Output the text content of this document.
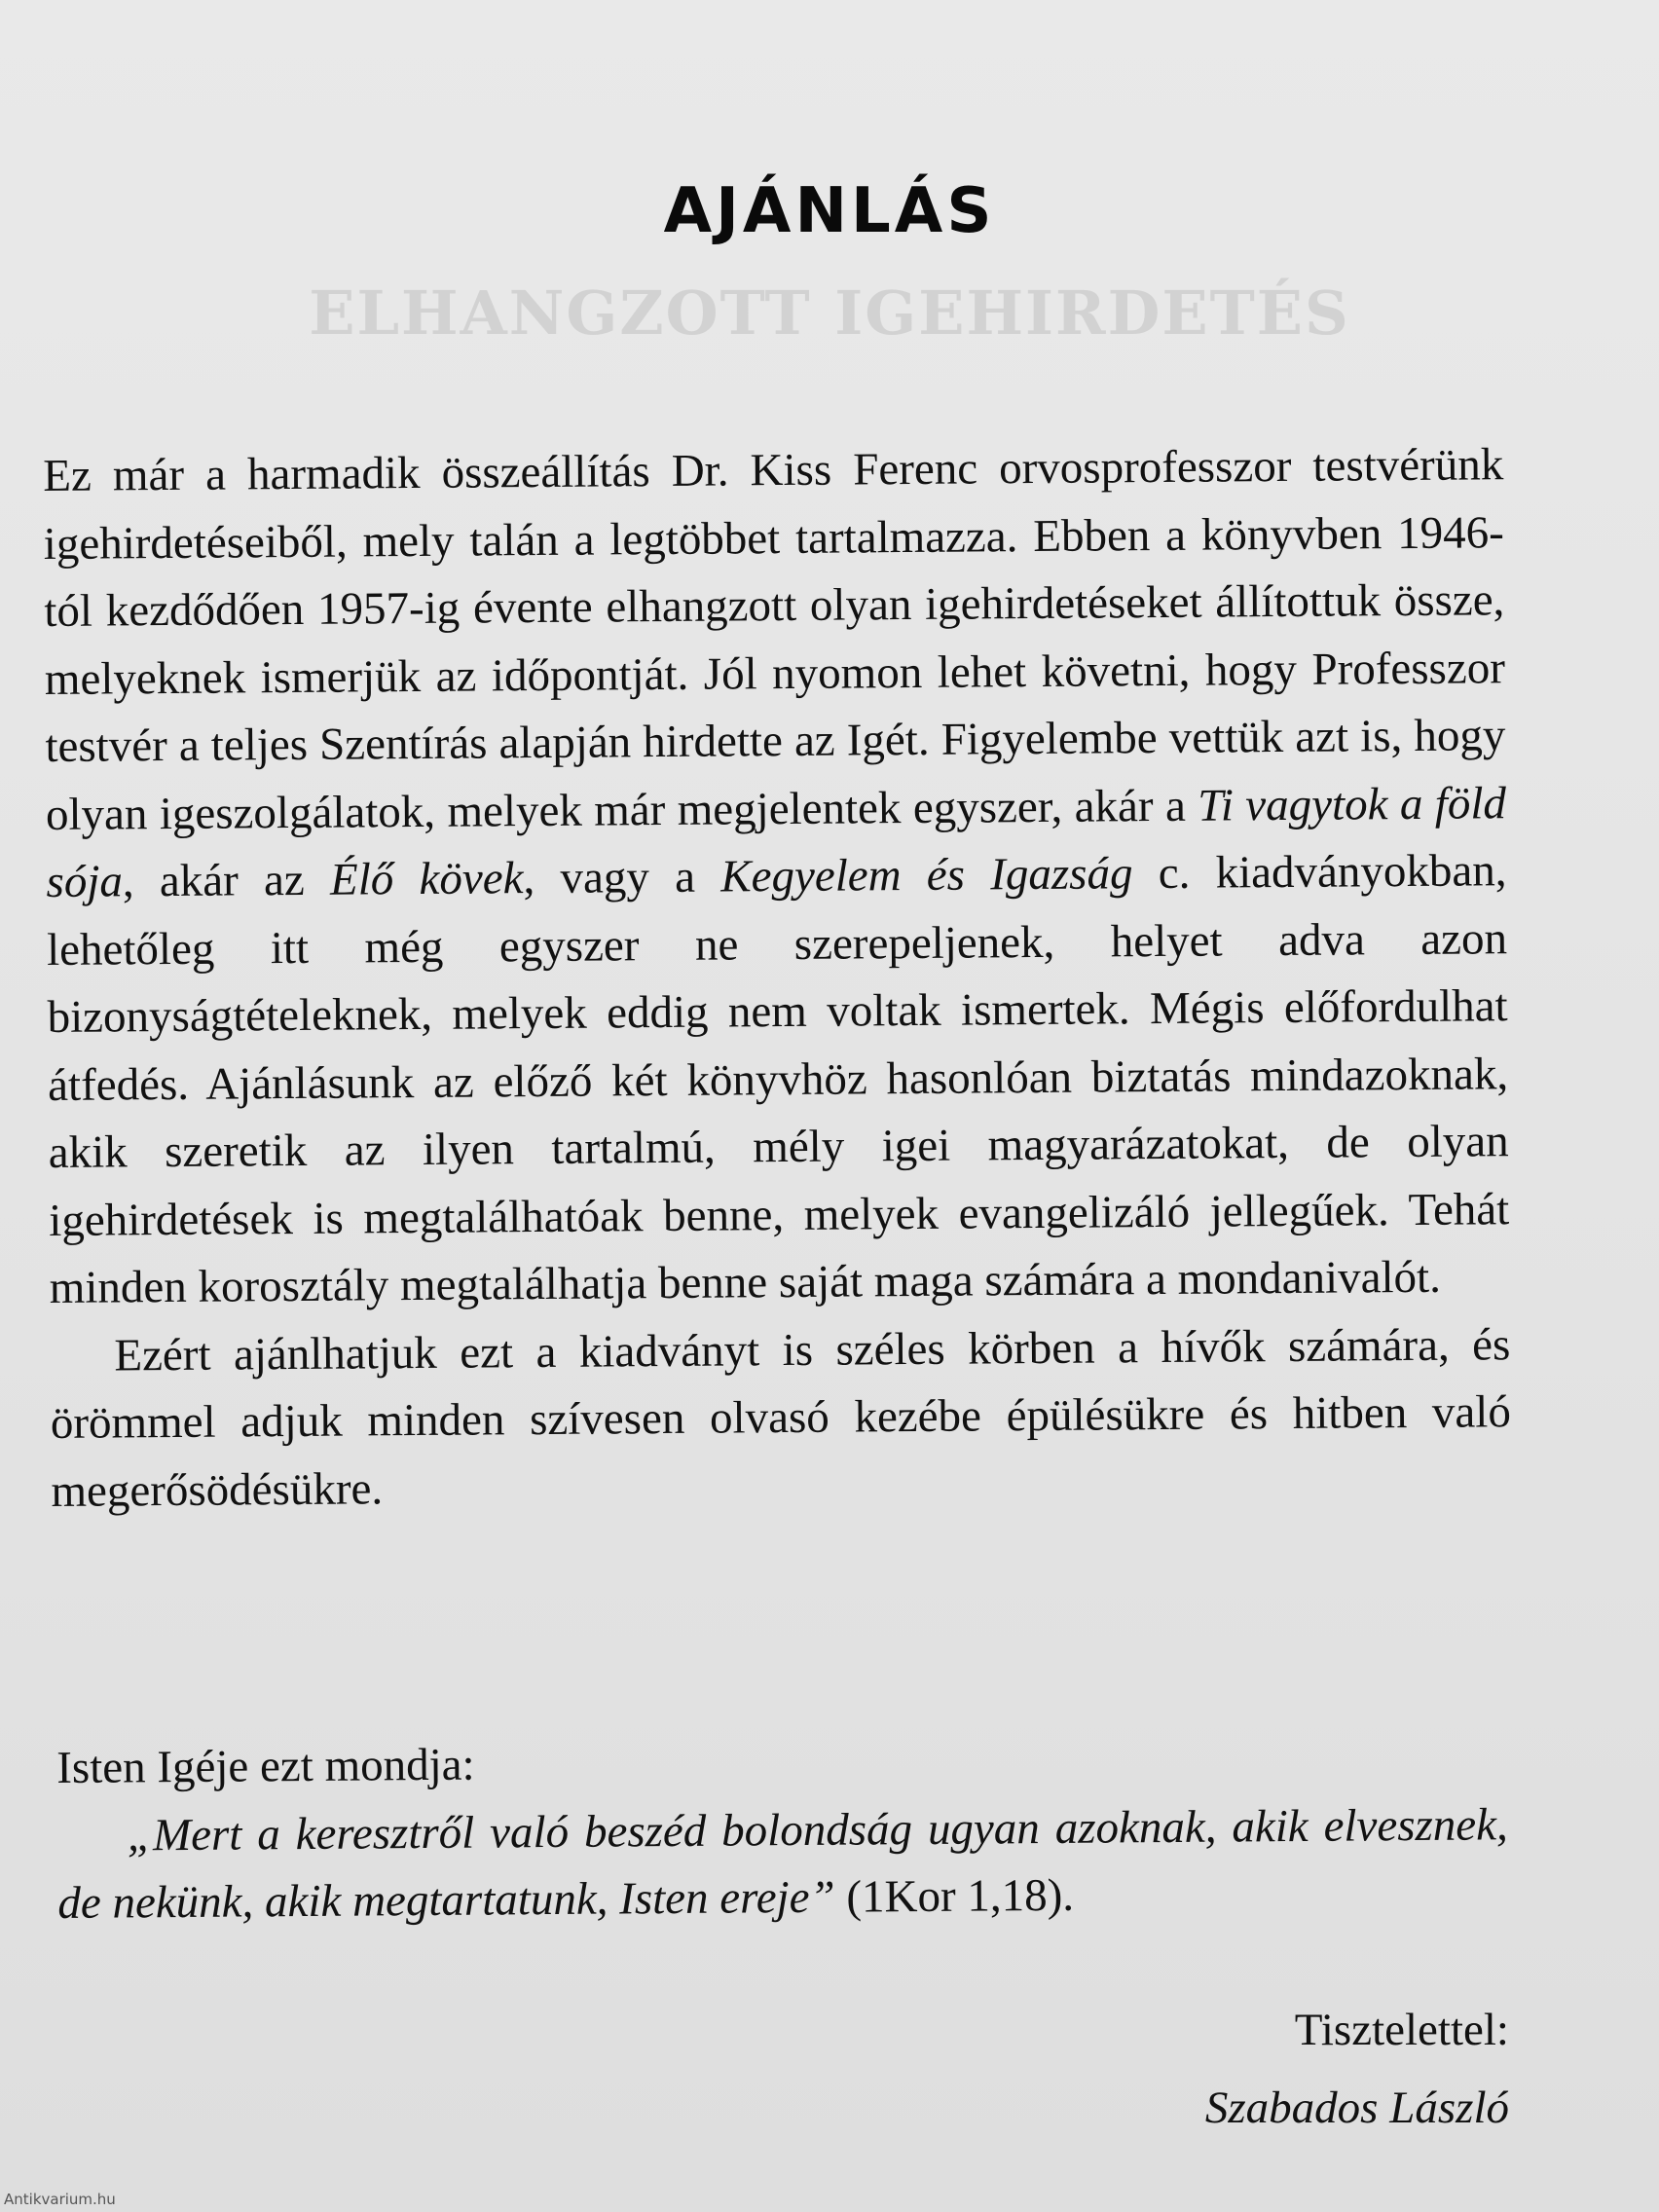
ELHANGZOTT IGEHIRDETÉS
AJÁNLÁS

Ez már a harmadik összeállítás Dr. Kiss Ferenc orvosprofesszor testvérünk igehirdetéseiből, mely talán a legtöbbet tartalmazza. Ebben a könyvben 1946-tól kezdődően 1957-ig évente elhangzott olyan igehirdetéseket állítottuk össze, melyeknek ismerjük az időpontját. Jól nyomon lehet követni, hogy Professzor testvér a teljes Szentírás alapján hirdette az Igét. Figyelembe vettük azt is, hogy olyan igeszolgálatok, melyek már megjelentek egyszer, akár a Ti vagytok a föld sója, akár az Élő kövek, vagy a Kegyelem és Igazság c. kiadványokban, lehetőleg itt még egyszer ne szerepeljenek, helyet adva azon bizonyságtételeknek, melyek eddig nem voltak ismertek. Mégis előfordulhat átfedés. Ajánlásunk az előző két könyvhöz hasonlóan biztatás mindazoknak, akik szeretik az ilyen tartalmú, mély igei magyarázatokat, de olyan igehirdetések is megtalálhatóak benne, melyek evangelizáló jellegűek. Tehát minden korosztály megtalálhatja benne saját maga számára a mondanivalót.

Ezért ajánlhatjuk ezt a kiadványt is széles körben a hívők számára, és örömmel adjuk minden szívesen olvasó kezébe épülésükre és hitben való megerősödésükre.

Isten Igéje ezt mondja:

„Mert a keresztről való beszéd bolondság ugyan azoknak, akik elvesznek, de nekünk, akik megtartatunk, Isten ereje” (1Kor 1,18).

Tisztelettel:
Szabados László
Antikvarium.hu
